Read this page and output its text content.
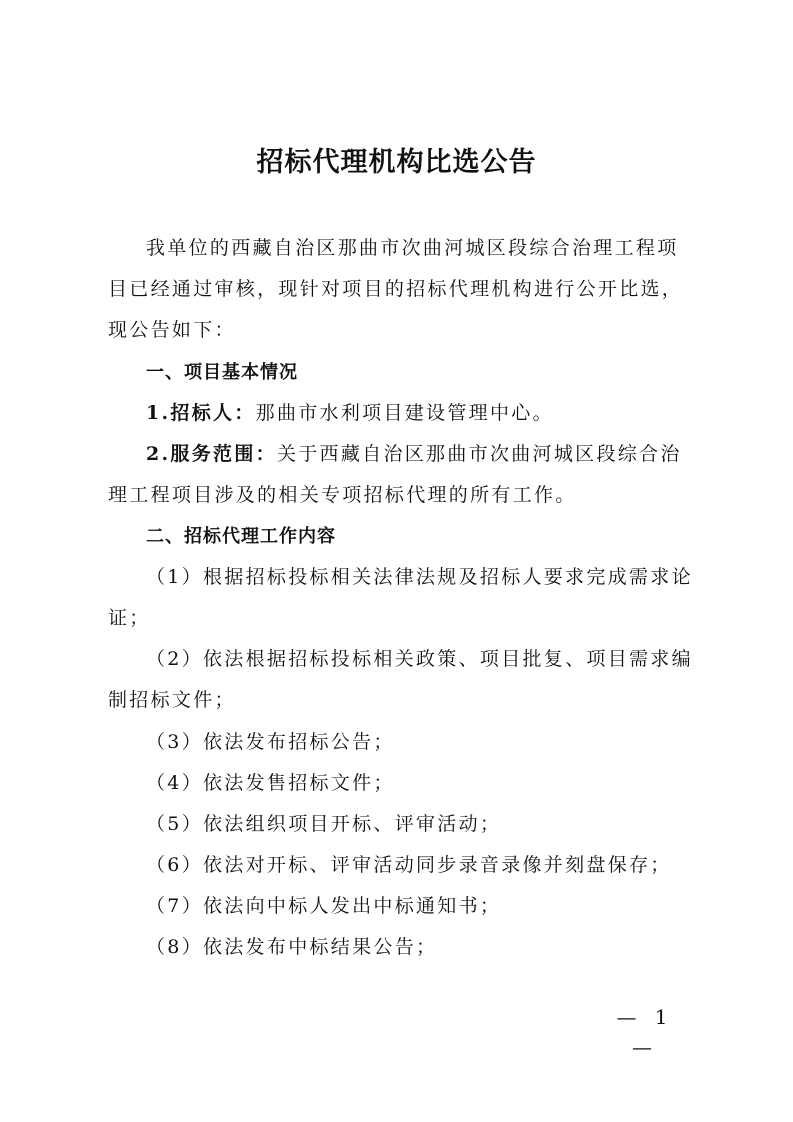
招标代理机构比选公告
我单位的西藏自治区那曲市次曲河城区段综合治理工程项
目已经通过审核，现针对项目的招标代理机构进行公开比选，
现公告如下：
一、项目基本情况
1.招标人：那曲市水利项目建设管理中心。
2.服务范围：关于西藏自治区那曲市次曲河城区段综合治
理工程项目涉及的相关专项招标代理的所有工作。
二、招标代理工作内容
（1）根据招标投标相关法律法规及招标人要求完成需求论
证；
（2）依法根据招标投标相关政策、项目批复、项目需求编
制招标文件；
（3）依法发布招标公告；
（4）依法发售招标文件；
（5）依法组织项目开标、评审活动；
（6）依法对开标、评审活动同步录音录像并刻盘保存；
（7）依法向中标人发出中标通知书；
（8）依法发布中标结果公告；
— 1 —
